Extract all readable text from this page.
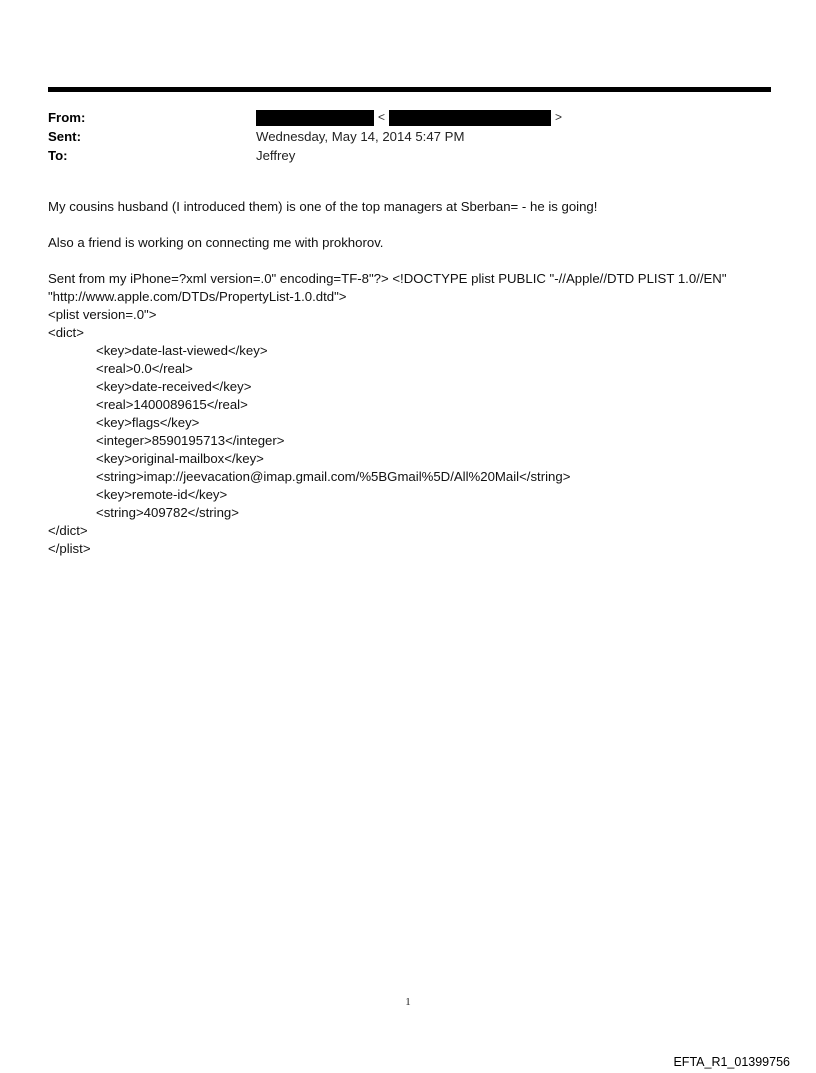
From:	<	>
Sent:	Wednesday, May 14, 2014 5:47 PM
To:	Jeffrey
My cousins husband (I introduced them) is one of the top managers at Sberban= - he is going!
Also a friend is working on connecting me with prokhorov.
Sent from my iPhone=?xml version=.0" encoding=TF-8"?> <!DOCTYPE plist PUBLIC "-//Apple//DTD PLIST 1.0//EN"
"http://www.apple.com/DTDs/PropertyList-1.0.dtd">
<plist version=.0">
<dict>
<key>date-last-viewed</key>
<real>0.0</real>
<key>date-received</key>
<real>1400089615</real>
<key>flags</key>
<integer>8590195713</integer>
<key>original-mailbox</key>
<string>imap://jeevacation@imap.gmail.com/%5BGmail%5D/All%20Mail</string>
<key>remote-id</key>
<string>409782</string>
</dict>
</plist>
1
EFTA_R1_01399756
